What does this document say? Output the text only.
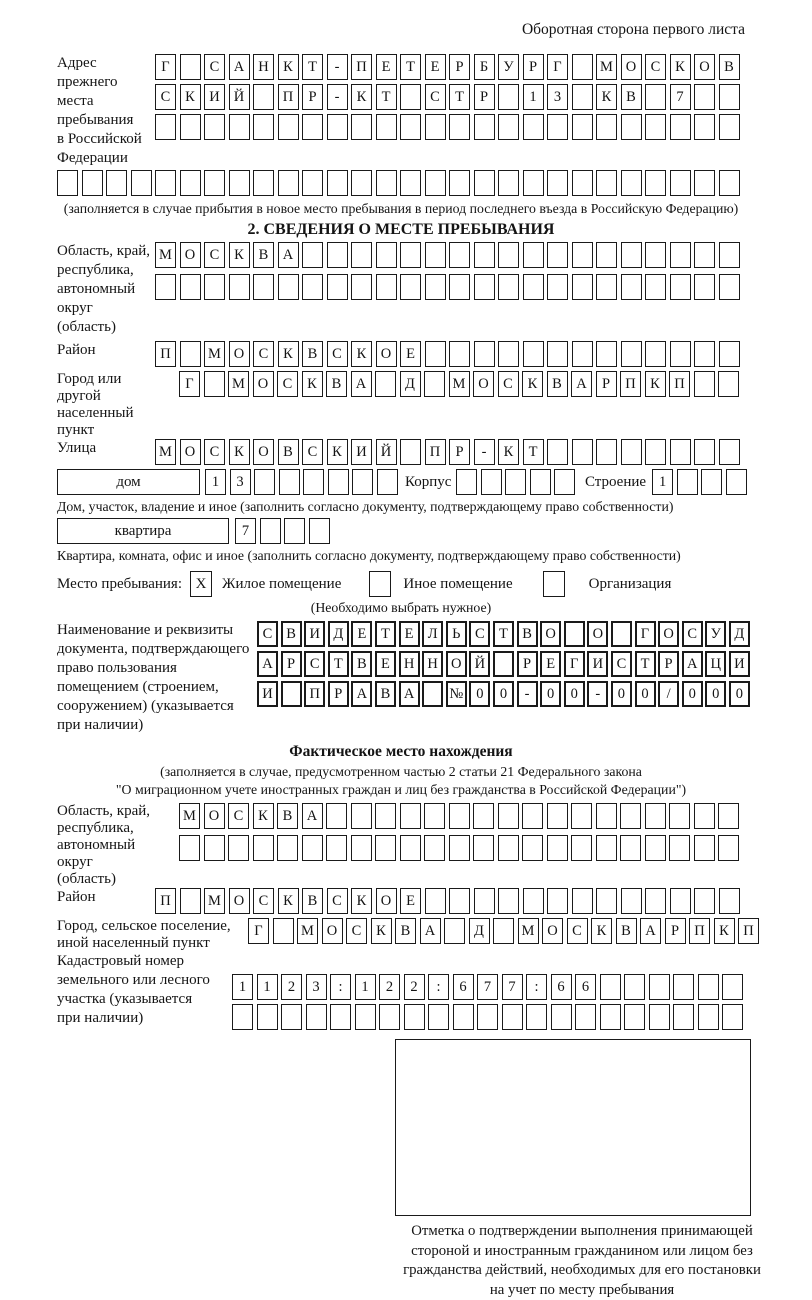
Оборотная сторона первого листа
Адрес прежнего
места пребывания
в Российской
Федерации
Г	С А Н К	Т	-	П	Е	Т	Е	Р	Б	У	Р	Г	М О С	К О В
С	К И Й	П	Р	-	К	Т	С	Т	Р	1	3	К	В	7
(заполняется в случае прибытия в новое место пребывания в период последнего въезда в Российскую Федерацию)
2. СВЕДЕНИЯ О МЕСТЕ ПРЕБЫВАНИЯ
Область, край,
республика,
автономный
округ (область)
М О С	К	В А
Район	П	М О С	К	В	С	К О	Е
Город или другой
населенный пункт
Г	М О С	К	В А	Д	М О С	К	В А	Р	П К П
Улица	М О С	К О В	С	К И Й	П	Р	-	К	Т
дом	1	3	Корпус	Строение 1
Дом, участок, владение и иное (заполнить согласно документу, подтверждающему право собственности)
квартира	7
Квартира, комната, офис и иное (заполнить согласно документу, подтверждающему право собственности)
Место пребывания: X	Жилое помещение	Иное помещение	Организация
(Необходимо выбрать нужное)
Наименование и реквизиты
документа, подтверждающего
право пользования
помещением (строением,
сооружением) (указывается
при наличии)
С В И Д Е	Т	Е Л	Ь	С Т В О	О	Г О С У Д
А Р	С Т В Е Н Н О Й	Р	Е	Г И С Т	Р А Ц И
И	П Р А В А	№ 0	0	-	0	0	-	0	0	/	0	0	0
Фактическое место нахождения
(заполняется в случае, предусмотренном частью 2 статьи 21 Федерального закона
"О миграционном учете иностранных граждан и лиц без гражданства в Российской Федерации")
Область, край,
республика,
автономный округ
(область)
М О С	К	В А
Район	П	М О С	К	В	С	К О	Е
Город, сельское поселение,
иной населенный пункт
Г	М О С	К	В А	Д	М О С	К	В А	Р	П К П
Кадастровый номер
земельного или лесного
участка (указывается
при наличии)
1	1	2	3	:	1	2	2	:	6	7	7	:	6	6
Отметка о подтверждении выполнения принимающей
стороной и иностранным гражданином или лицом без
гражданства действий, необходимых для его постановки
на учет по месту пребывания
